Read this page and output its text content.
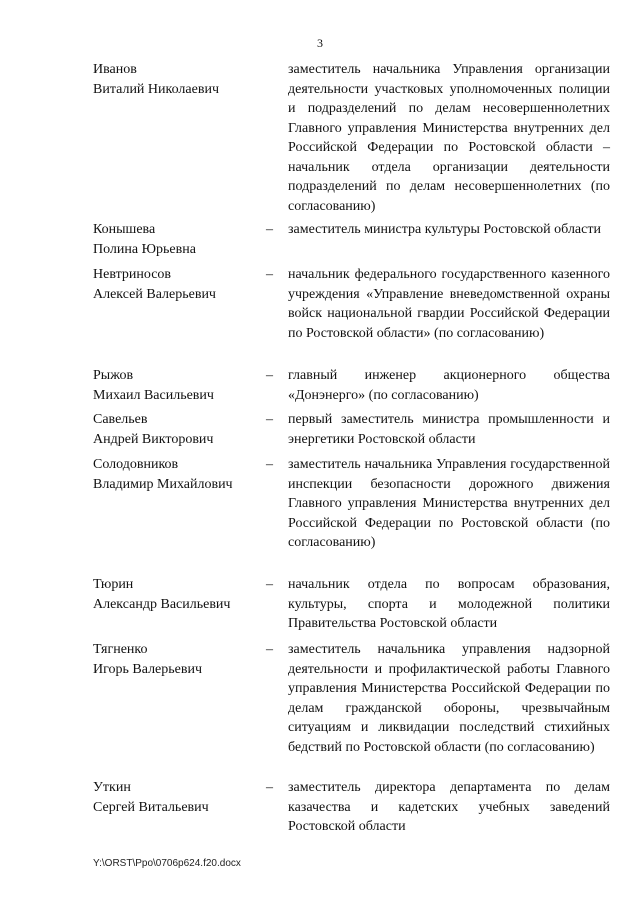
3
Иванов
Виталий Николаевич
заместитель начальника Управления организации деятельности участковых уполномоченных полиции и подразделений по делам несовершеннолетних Главного управления Министерства внутренних дел Российской Федерации по Ростовской области – начальник отдела организации деятельности подразделений по делам несовершеннолетних (по согласованию)
Конышева
Полина Юрьевна
– заместитель министра культуры Ростовской области
Невтриносов
Алексей Валерьевич
– начальник федерального государственного казенного учреждения «Управление вневедомственной охраны войск национальной гвардии Российской Федерации по Ростовской области» (по согласованию)
Рыжов
Михаил Васильевич
– главный инженер акционерного общества «Донэнерго» (по согласованию)
Савельев
Андрей Викторович
– первый заместитель министра промышленности и энергетики Ростовской области
Солодовников
Владимир Михайлович
– заместитель начальника Управления государственной инспекции безопасности дорожного движения Главного управления Министерства внутренних дел Российской Федерации по Ростовской области (по согласованию)
Тюрин
Александр Васильевич
– начальник отдела по вопросам образования, культуры, спорта и молодежной политики Правительства Ростовской области
Тягненко
Игорь Валерьевич
– заместитель начальника управления надзорной деятельности и профилактической работы Главного управления Министерства Российской Федерации по делам гражданской обороны, чрезвычайным ситуациям и ликвидации последствий стихийных бедствий по Ростовской области (по согласованию)
Уткин
Сергей Витальевич
– заместитель директора департамента по делам казачества и кадетских учебных заведений Ростовской области
Y:\ORST\Ppo\0706p624.f20.docx
